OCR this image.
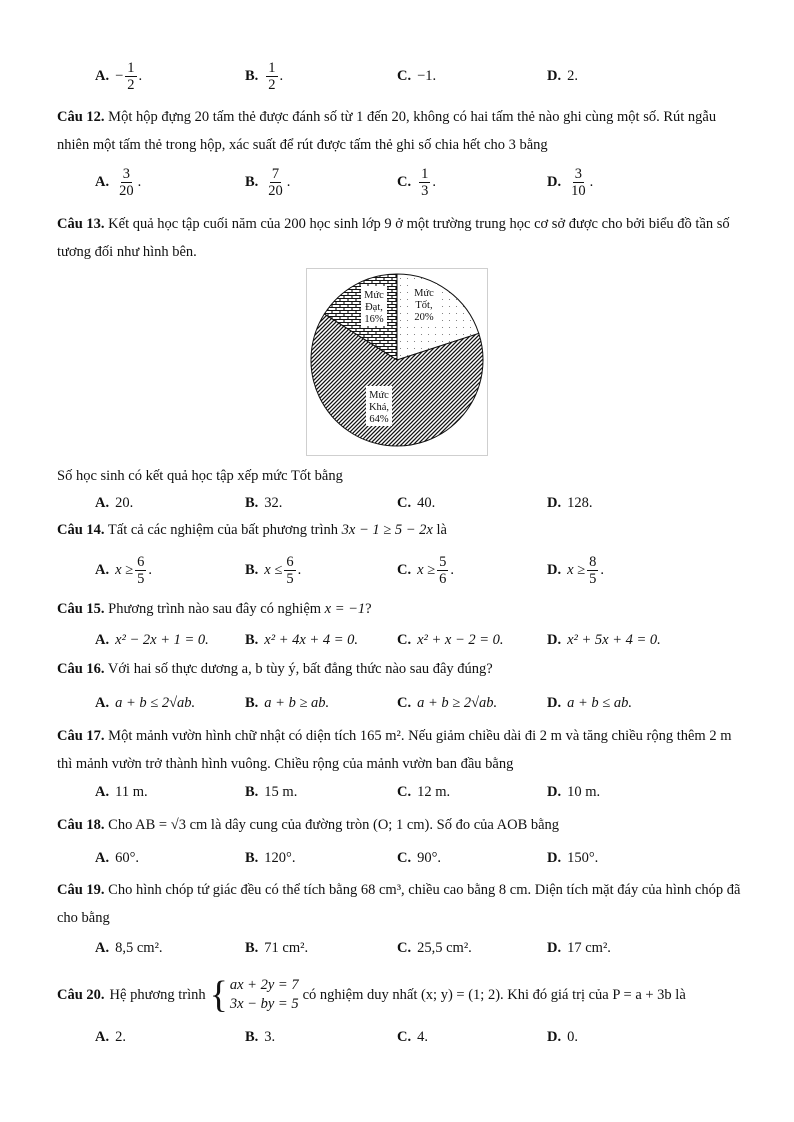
A. − $\frac{1}{2}$ .	B. $\frac{1}{2}$ .	C. −1.	D. 2.
Câu 12. Một hộp đựng 20 tấm thẻ được đánh số từ 1 đến 20, không có hai tấm thẻ nào ghi cùng một số. Rút ngẫu nhiên một tấm thẻ trong hộp, xác suất để rút được tấm thẻ ghi số chia hết cho 3 bằng
A. $\frac{3}{20}$ .	B. $\frac{7}{20}$ .	C. $\frac{1}{3}$ .	D. $\frac{3}{10}$ .
Câu 13. Kết quả học tập cuối năm của 200 học sinh lớp 9 ở một trường trung học cơ sở được cho bởi biểu đồ tần số tương đối như hình bên.
Mức
Tốt,
20%
Mức
Khá,
64%
Mức
Đạt,
16%
Số học sinh có kết quả học tập xếp mức Tốt bằng
A. 20.	B. 32.	C. 40.	D. 128.
Câu 14. Tất cả các nghiệm của bất phương trình 3x − 1 ≥ 5 − 2x là
A. $x \ge \frac{6}{5}$ .	B. $x \le \frac{6}{5}$ .	C. $x \ge \frac{5}{6}$ .	D. $x \ge \frac{8}{5}$ .
Câu 15. Phương trình nào sau đây có nghiệm x = −1?
A. x² − 2x + 1 = 0. B. x² + 4x + 4 = 0.	C. x² + x − 2 = 0.	D. x² + 5x + 4 = 0.
Câu 16. Với hai số thực dương a, b tùy ý, bất đẳng thức nào sau đây đúng?
A. a + b ≤ 2√ab.	B. a + b ≥ ab.	C. a + b ≥ 2√ab.	D. a + b ≤ ab.
Câu 17. Một mảnh vườn hình chữ nhật có diện tích 165 m². Nếu giảm chiều dài đi 2 m và tăng chiều rộng thêm 2 m thì mảnh vườn trở thành hình vuông. Chiều rộng của mảnh vườn ban đầu bằng
A. 11 m.	B. 15 m.	C. 12 m.	D. 10 m.
Câu 18. Cho AB = √3 cm là dây cung của đường tròn (O; 1 cm). Số đo của AOB bằng
A. 60°.	B. 120°.	C. 90°.	D. 150°.
Câu 19. Cho hình chóp tứ giác đều có thể tích bằng 68 cm³, chiều cao bằng 8 cm. Diện tích mặt đáy của hình chóp đã cho bằng
A. 8,5 cm².	B. 71 cm².	C. 25,5 cm².	D. 17 cm².
Câu 20. Hệ phương trình { ax + 2y = 7
3x − by = 5
có nghiệm duy nhất (x; y) = (1; 2). Khi đó giá trị của P = a + 3b là
A. 2.	B. 3.	C. 4.	D. 0.
